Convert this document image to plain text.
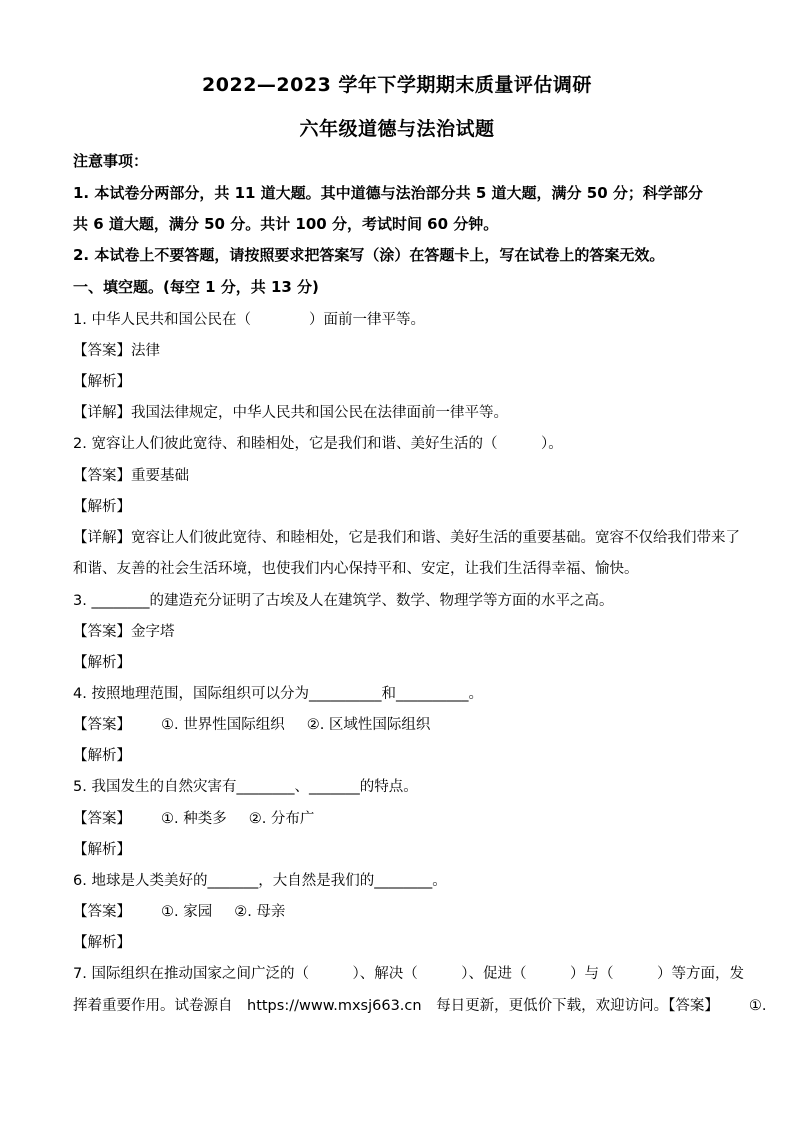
2022—2023 学年下学期期末质量评估调研
六年级道德与法治试题
注意事项：
1. 本试卷分两部分，共 11 道大题。其中道德与法治部分共 5 道大题，满分 50 分；科学部分
共 6 道大题，满分 50 分。共计 100 分，考试时间 60 分钟。
2. 本试卷上不要答题，请按照要求把答案写（涂）在答题卡上，写在试卷上的答案无效。
一、填空题。(每空 1 分，共 13 分)
1. 中华人民共和国公民在（　　　　）面前一律平等。
【答案】法律
【解析】
【详解】我国法律规定，中华人民共和国公民在法律面前一律平等。
2. 宽容让人们彼此宽待、和睦相处，它是我们和谐、美好生活的（　　　）。
【答案】重要基础
【解析】
【详解】宽容让人们彼此宽待、和睦相处，它是我们和谐、美好生活的重要基础。宽容不仅给我们带来了
和谐、友善的社会生活环境，也使我们内心保持平和、安定，让我们生活得幸福、愉快。
3. ________的建造充分证明了古埃及人在建筑学、数学、物理学等方面的水平之高。
【答案】金字塔
【解析】
4. 按照地理范围，国际组织可以分为__________和__________。
【答案】 ①. 世界性国际组织 ②. 区域性国际组织
【解析】
5. 我国发生的自然灾害有________、_______的特点。
【答案】 ①. 种类多 ②. 分布广
【解析】
6. 地球是人类美好的_______，大自然是我们的________。
【答案】 ①. 家园 ②. 母亲
【解析】
7. 国际组织在推动国家之间广泛的（　　　）、解决（　　　）、促进（　　　）与（　　　）等方面，发
挥着重要作用。试卷源自　https://www.mxsj663.cn　每日更新，更低价下载，欢迎访问。【答案】 ①.
